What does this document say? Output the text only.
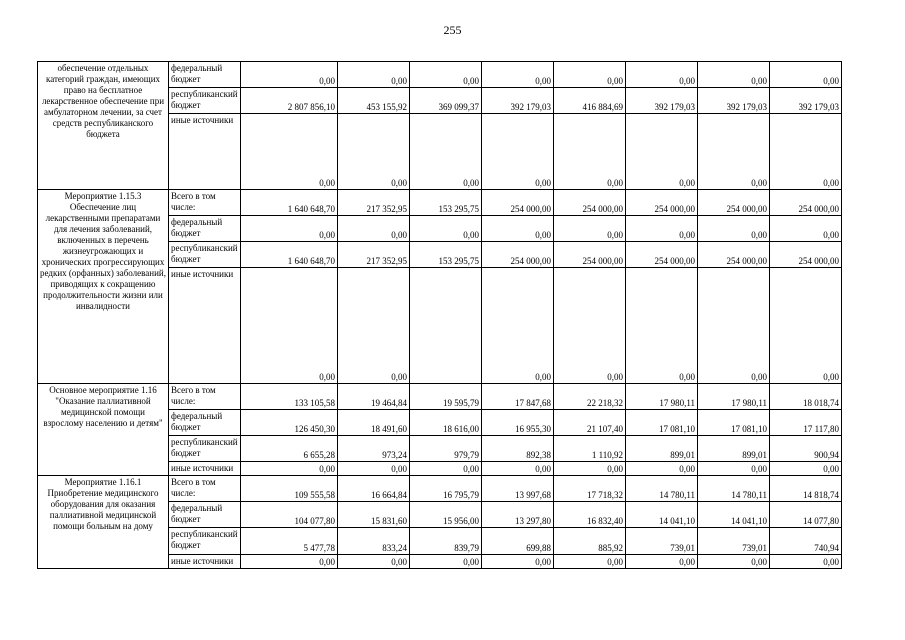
255
обеспечение отдельных категорий граждан, имеющих право на бесплатное лекарственное обеспечение при амбулаторном лечении, за счет средств республиканского бюджета	федеральный бюджет	0,00	0,00	0,00	0,00	0,00	0,00	0,00	0,00
	республиканский бюджет	2 807 856,10	453 155,92	369 099,37	392 179,03	416 884,69	392 179,03	392 179,03	392 179,03
	иные источники	0,00	0,00	0,00	0,00	0,00	0,00	0,00	0,00
Мероприятие 1.15.3 Обеспечение лиц лекарственными препаратами для лечения заболеваний, включенных в перечень жизнеугрожающих и хронических прогрессирующих редких (орфанных) заболеваний, приводящих к сокращению продолжительности жизни или инвалидности	Всего в том числе:	1 640 648,70	217 352,95	153 295,75	254 000,00	254 000,00	254 000,00	254 000,00	254 000,00
	федеральный бюджет	0,00	0,00	0,00	0,00	0,00	0,00	0,00	0,00
	республиканский бюджет	1 640 648,70	217 352,95	153 295,75	254 000,00	254 000,00	254 000,00	254 000,00	254 000,00
	иные источники	0,00	0,00		0,00	0,00	0,00	0,00	0,00
Основное мероприятие 1.16 "Оказание паллиативной медицинской помощи взрослому населению и детям"	Всего в том числе:	133 105,58	19 464,84	19 595,79	17 847,68	22 218,32	17 980,11	17 980,11	18 018,74
	федеральный бюджет	126 450,30	18 491,60	18 616,00	16 955,30	21 107,40	17 081,10	17 081,10	17 117,80
	республиканский бюджет	6 655,28	973,24	979,79	892,38	1 110,92	899,01	899,01	900,94
	иные источники	0,00	0,00	0,00	0,00	0,00	0,00	0,00	0,00
Мероприятие 1.16.1 Приобретение медицинского оборудования для оказания паллиативной медицинской помощи больным на дому	Всего в том числе:	109 555,58	16 664,84	16 795,79	13 997,68	17 718,32	14 780,11	14 780,11	14 818,74
	федеральный бюджет	104 077,80	15 831,60	15 956,00	13 297,80	16 832,40	14 041,10	14 041,10	14 077,80
	республиканский бюджет	5 477,78	833,24	839,79	699,88	885,92	739,01	739,01	740,94
	иные источники	0,00	0,00	0,00	0,00	0,00	0,00	0,00	0,00
